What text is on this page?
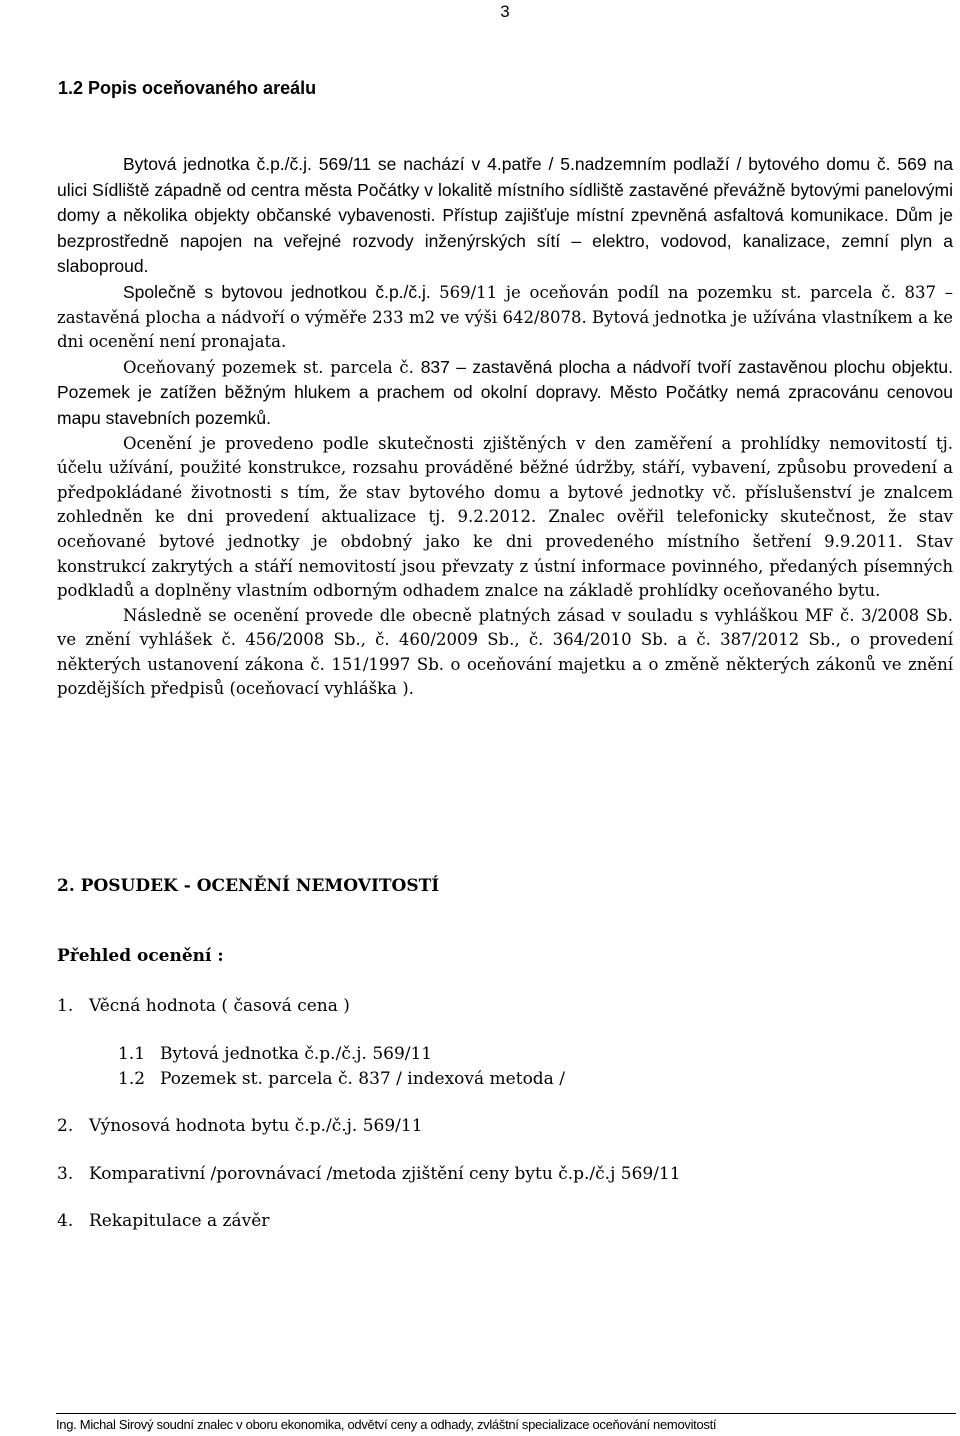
3
1.2 Popis oceňovaného areálu

Bytová jednotka č.p./č.j. 569/11 se nachází v 4.patře / 5.nadzemním podlaží / bytového domu č. 569 na ulici Sídliště západně od centra města Počátky v lokalitě místního sídliště zastavěné převážně bytovými panelovými domy a několika objekty občanské vybavenosti. Přístup zajišťuje místní zpevněná asfaltová komunikace. Dům je bezprostředně napojen na veřejné rozvody inženýrských sítí – elektro, vodovod, kanalizace, zemní plyn a slaboproud.

Společně s bytovou jednotkou č.p./č.j. 569/11 je oceňován podíl na pozemku st. parcela č. 837 – zastavěná plocha a nádvoří o výměře 233 m2 ve výši 642/8078. Bytová jednotka je užívána vlastníkem a ke dni ocenění není pronajata.

Oceňovaný pozemek st. parcela č. 837 – zastavěná plocha a nádvoří tvoří zastavěnou plochu objektu. Pozemek je zatížen běžným hlukem a prachem od okolní dopravy. Město Počátky nemá zpracovánu cenovou mapu stavebních pozemků.

Ocenění je provedeno podle skutečnosti zjištěných v den zaměření a prohlídky nemovitostí tj. účelu užívání, použité konstrukce, rozsahu prováděné běžné údržby, stáří, vybavení, způsobu provedení a předpokládané životnosti s tím, že stav bytového domu a bytové jednotky vč. příslušenství je znalcem zohledněn ke dni provedení aktualizace tj. 9.2.2012. Znalec ověřil telefonicky skutečnost, že stav oceňované bytové jednotky je obdobný jako ke dni provedeného místního šetření 9.9.2011. Stav konstrukcí zakrytých a stáří nemovitostí jsou převzaty z ústní informace povinného, předaných písemných podkladů a doplněny vlastním odborným odhadem znalce na základě prohlídky oceňovaného bytu.

Následně se ocenění provede dle obecně platných zásad v souladu s vyhláškou MF č. 3/2008 Sb. ve znění vyhlášek č. 456/2008 Sb., č. 460/2009 Sb., č. 364/2010 Sb. a č. 387/2012 Sb., o provedení některých ustanovení zákona č. 151/1997 Sb. o oceňování majetku a o změně některých zákonů ve znění pozdějších předpisů (oceňovací vyhláška ).

2. POSUDEK - OCENĚNÍ NEMOVITOSTÍ
Přehled ocenění :
1. Věcná hodnota ( časová cena )
1.1 Bytová jednotka č.p./č.j. 569/11
1.2 Pozemek st. parcela č. 837 / indexová metoda /
2. Výnosová hodnota bytu č.p./č.j. 569/11
3. Komparativní /porovnávací /metoda zjištění ceny bytu č.p./č.j 569/11
4. Rekapitulace a závěr
Ing. Michal Sirový soudní znalec v oboru ekonomika, odvětví ceny a odhady, zvláštní specializace oceňování nemovitostí
